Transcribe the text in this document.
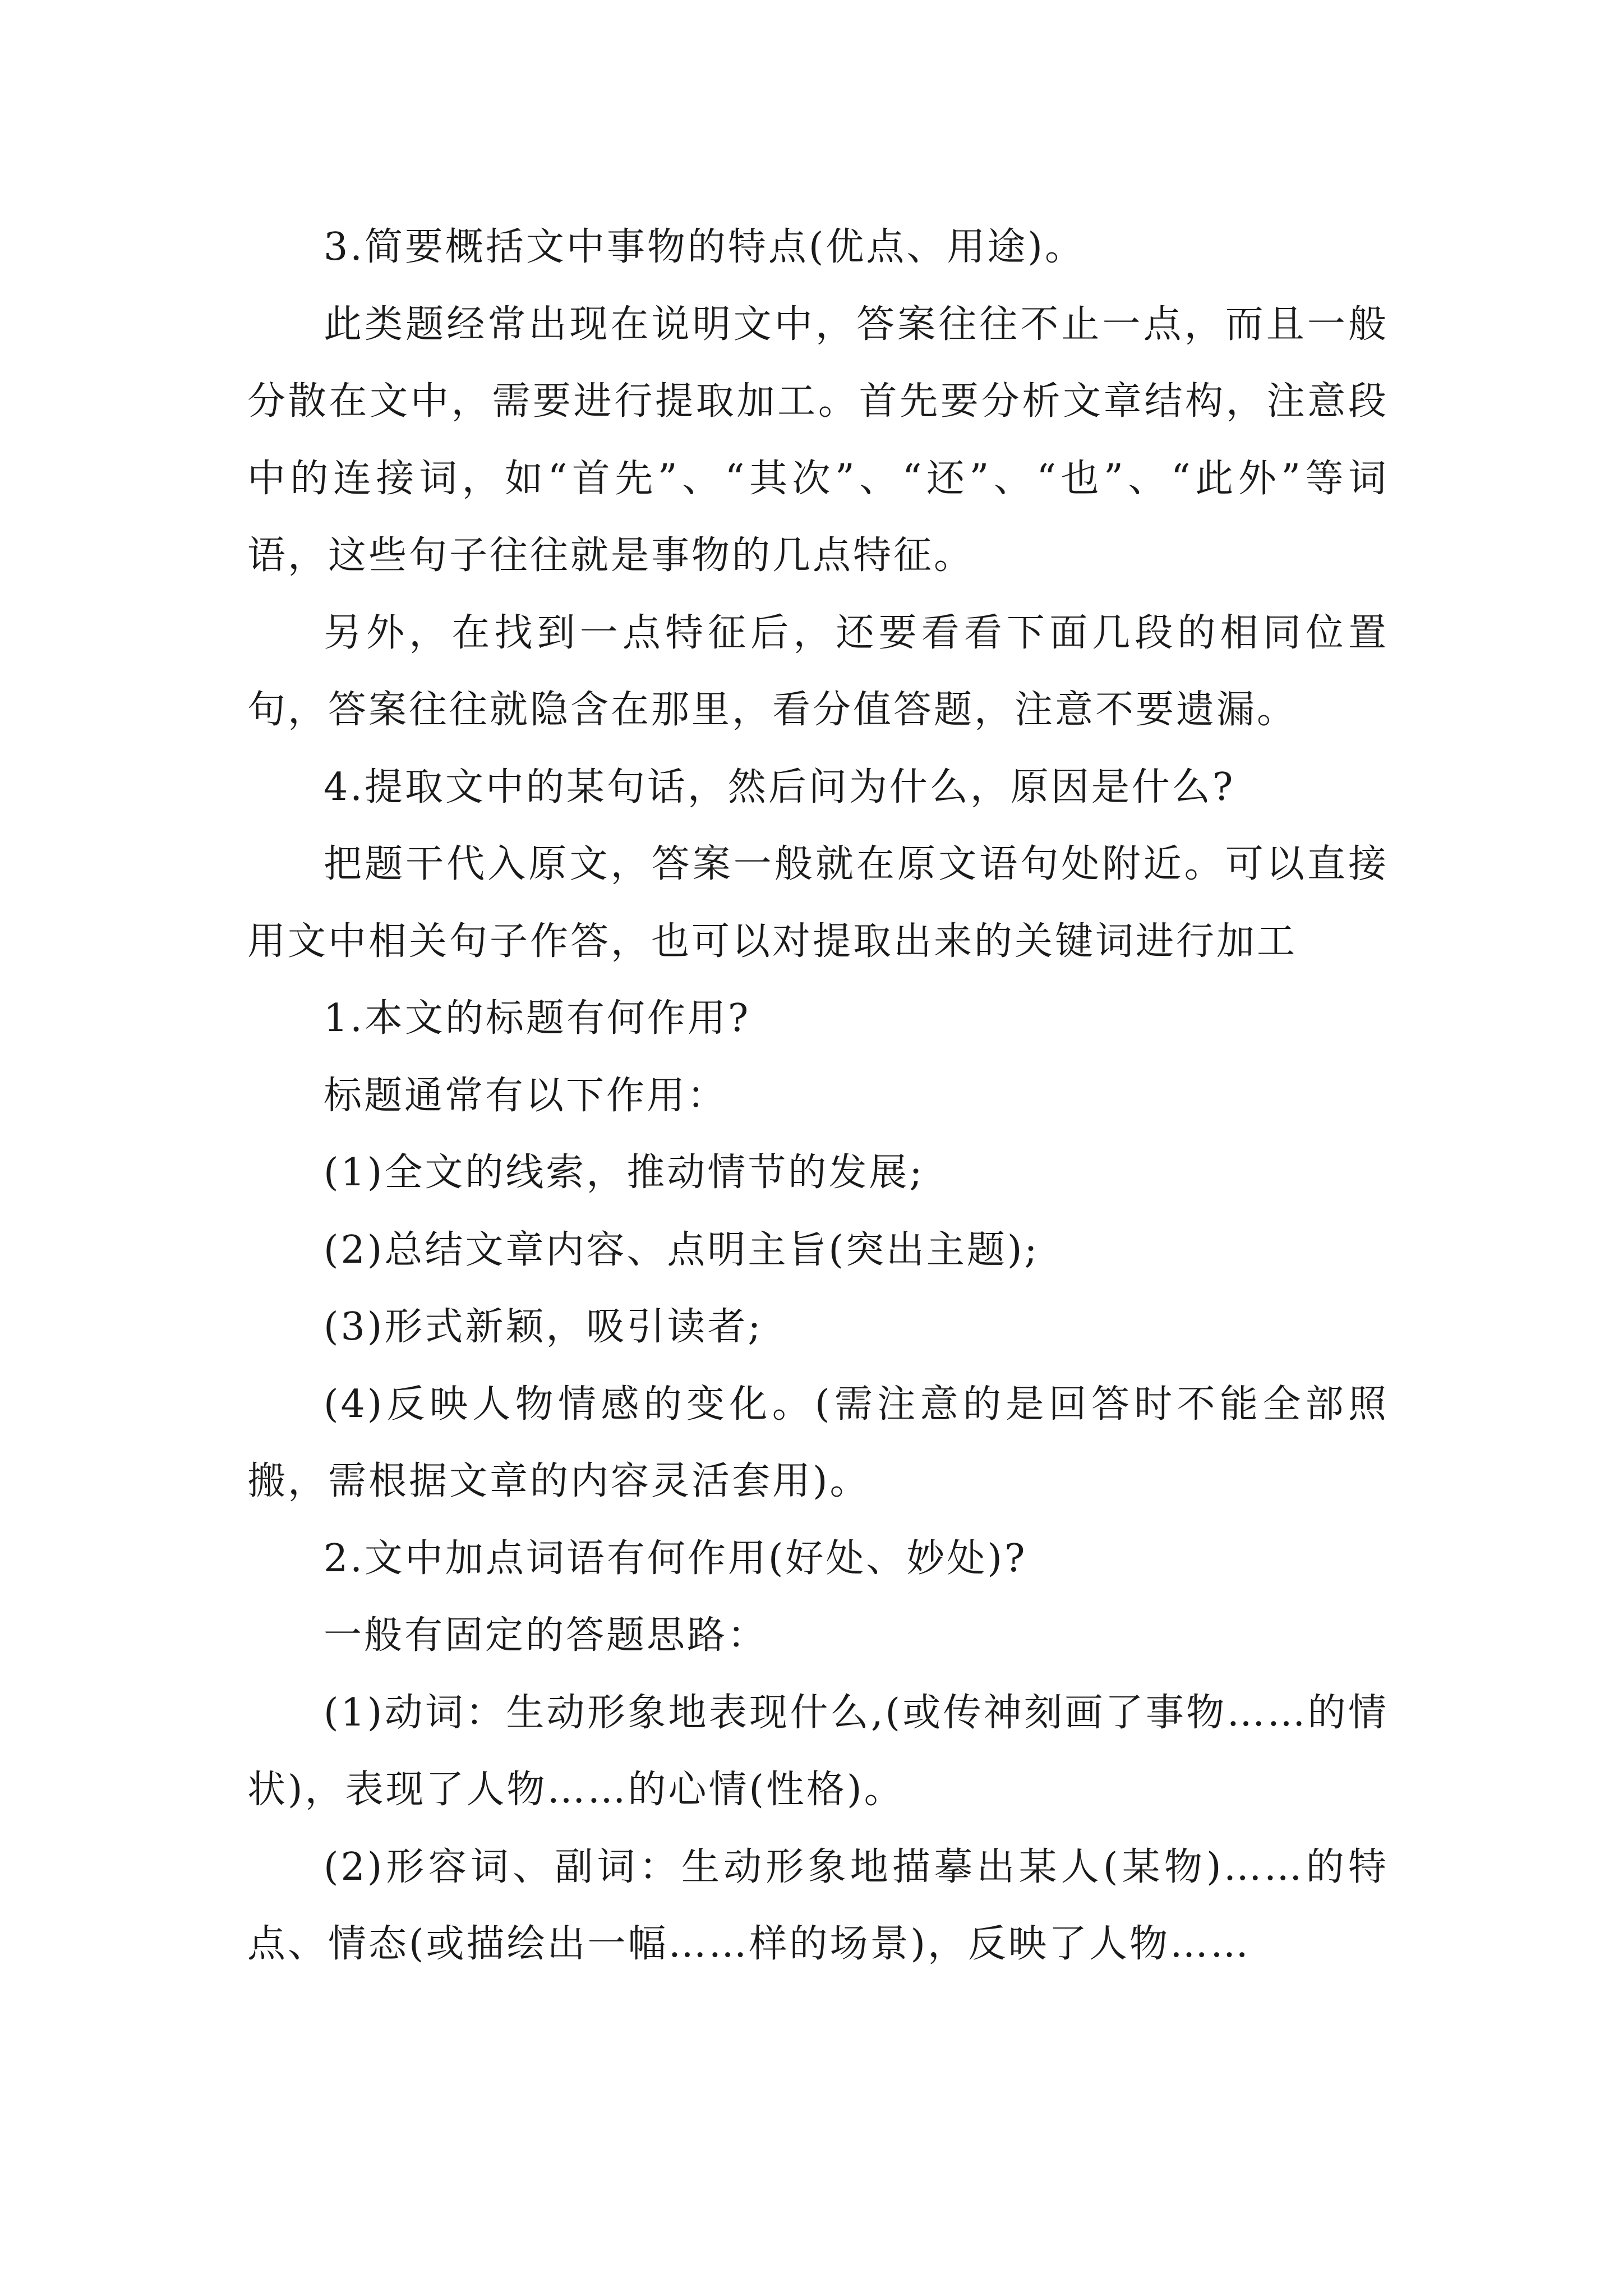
3.简要概括文中事物的特点(优点、用途)。

此类题经常出现在说明文中，答案往往不止一点，而且一般分散在文中，需要进行提取加工。首先要分析文章结构，注意段中的连接词，如“首先”、“其次”、“还”、“也”、“此外”等词语，这些句子往往就是事物的几点特征。

另外，在找到一点特征后，还要看看下面几段的相同位置句，答案往往就隐含在那里，看分值答题，注意不要遗漏。

4.提取文中的某句话，然后问为什么，原因是什么?

把题干代入原文，答案一般就在原文语句处附近。可以直接用文中相关句子作答，也可以对提取出来的关键词进行加工

1.本文的标题有何作用?

标题通常有以下作用：

(1)全文的线索，推动情节的发展;

(2)总结文章内容、点明主旨(突出主题);

(3)形式新颖，吸引读者;

(4)反映人物情感的变化。(需注意的是回答时不能全部照搬，需根据文章的内容灵活套用)。

2.文中加点词语有何作用(好处、妙处)?

一般有固定的答题思路：

(1)动词：生动形象地表现什么,(或传神刻画了事物……的情状)，表现了人物……的心情(性格)。

(2)形容词、副词：生动形象地描摹出某人(某物)……的特点、情态(或描绘出一幅……样的场景)，反映了人物……
